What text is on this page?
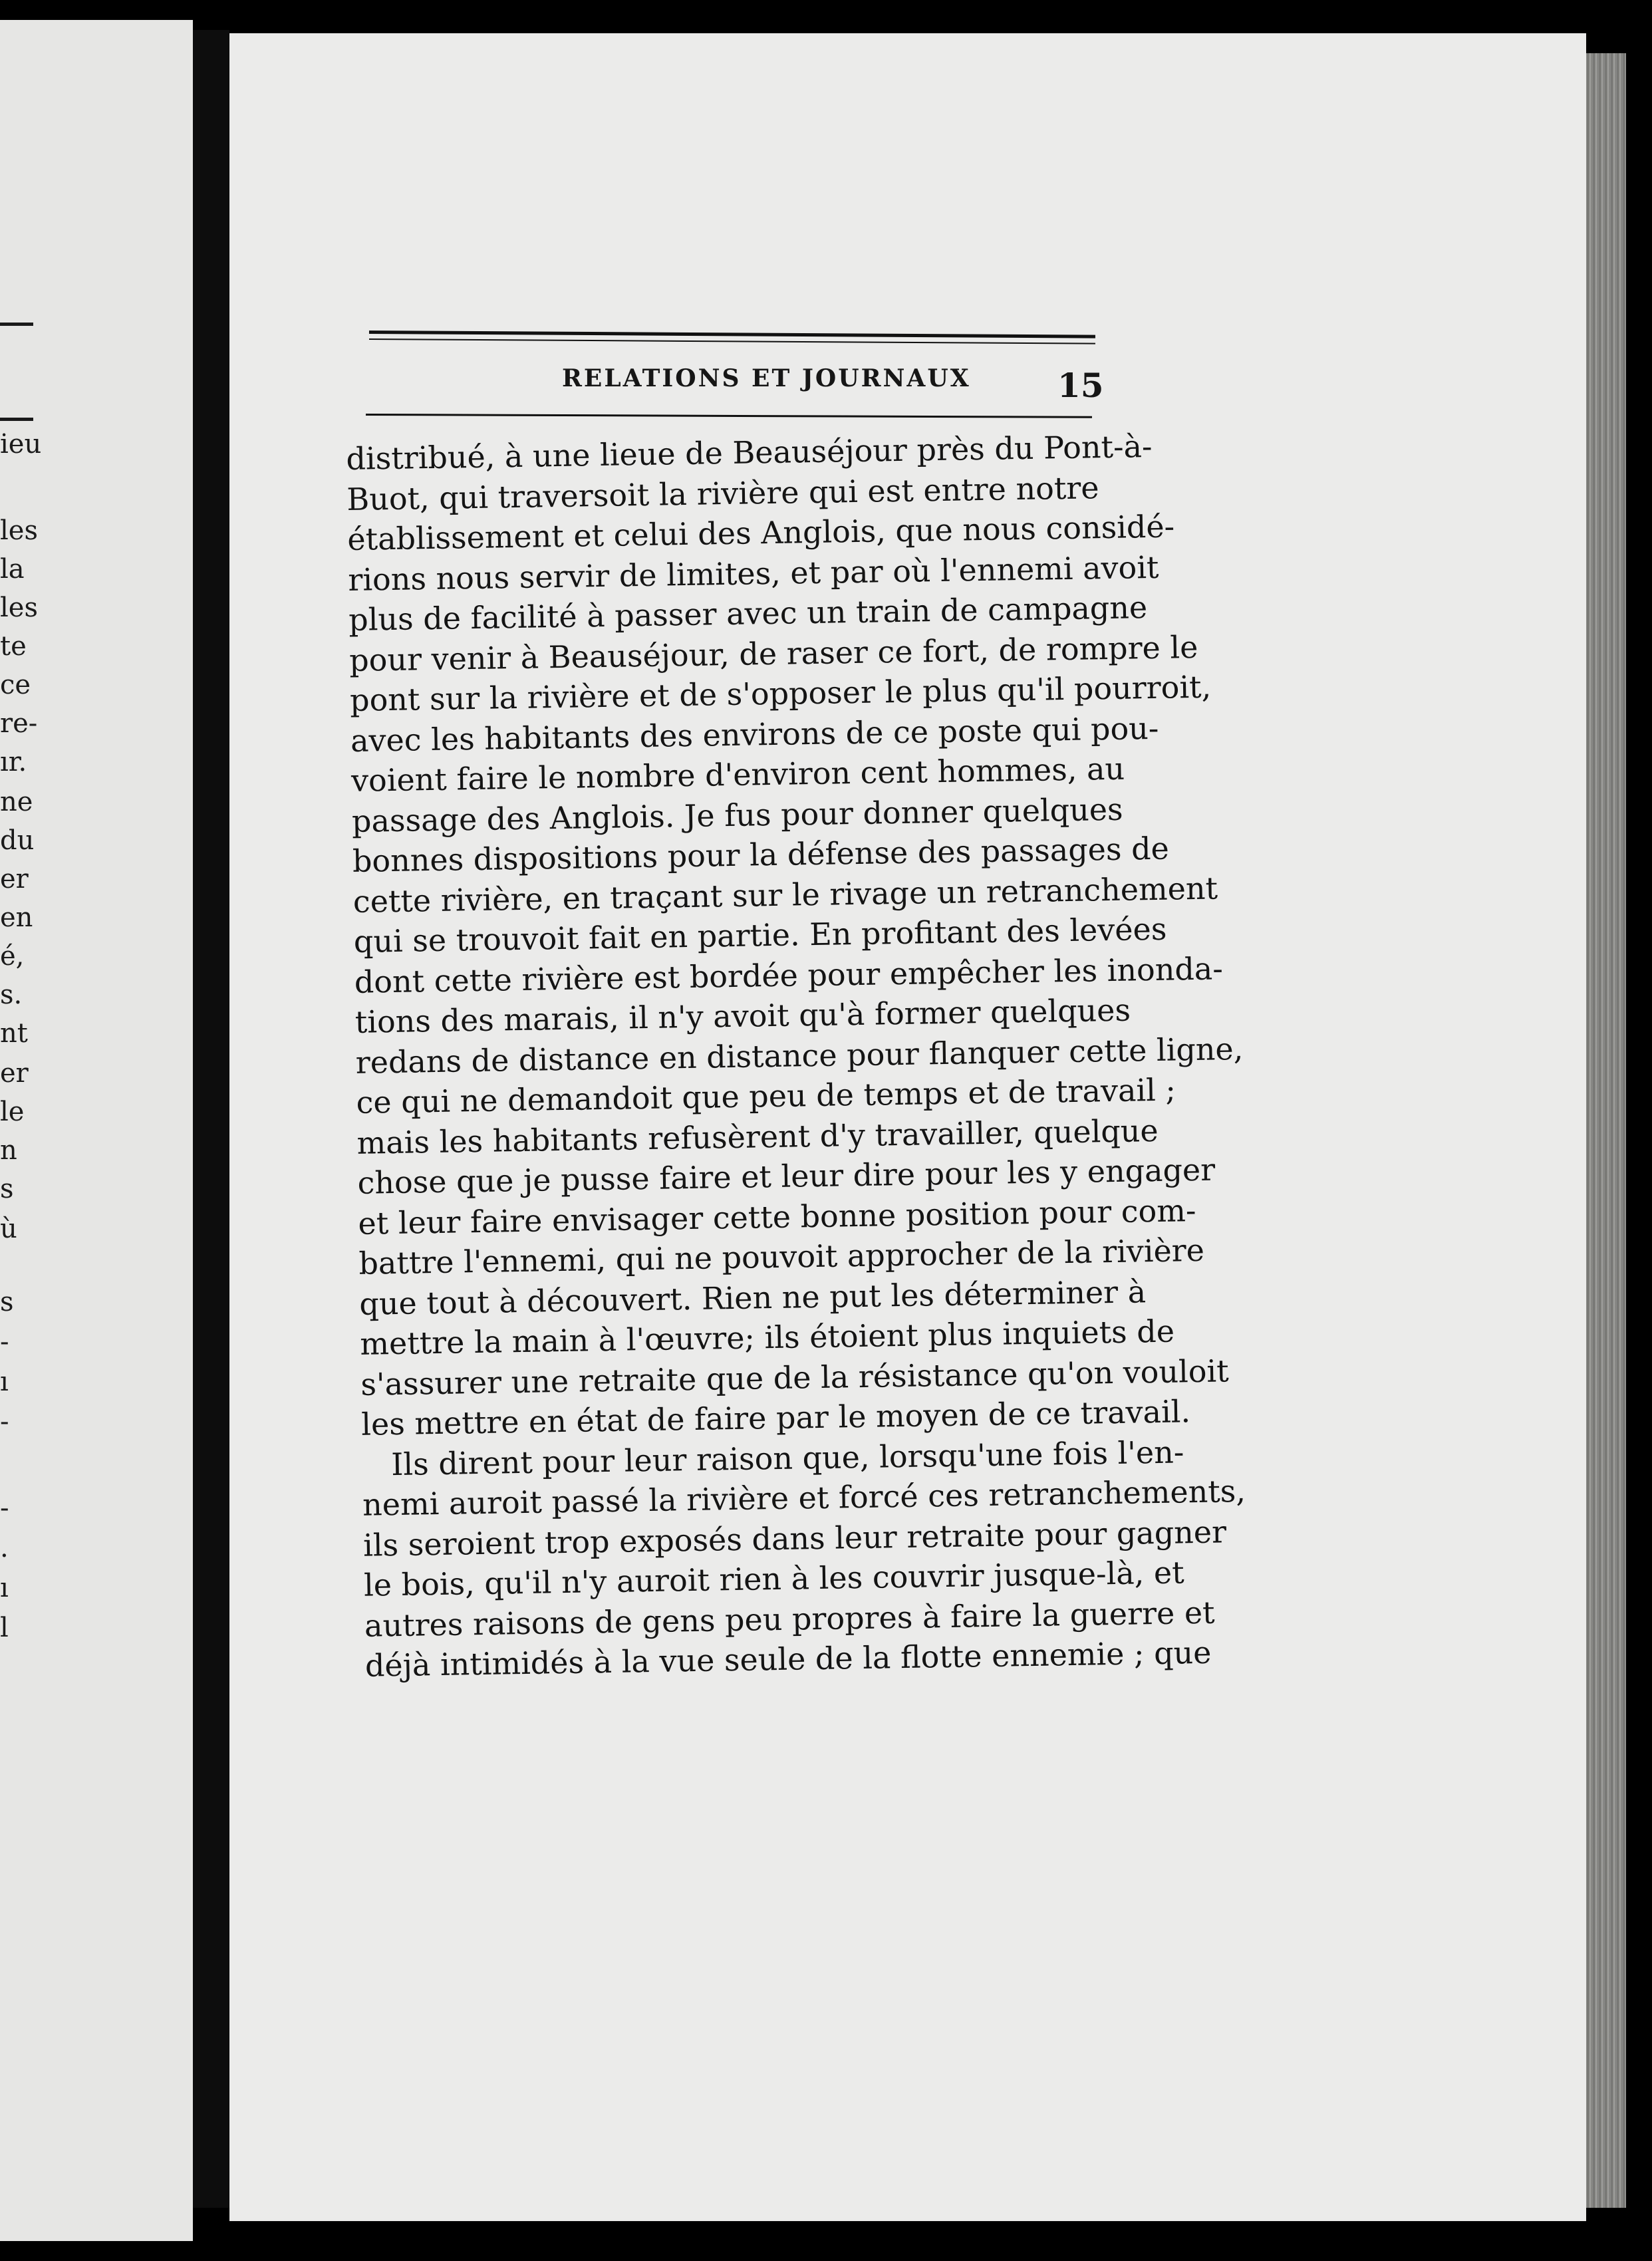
ieu
les
la
les
te
ce
re-
ır.
ne
du
er
en
é,
s.
nt
er
le
n
s
ù
s
-
ı
-
-
.
ı
l
RELATIONS ET JOURNAUX	15
distribué, à une lieue de Beauséjour près du Pont-à-
Buot, qui traversoit la rivière qui est entre notre
établissement et celui des Anglois, que nous considé-
rions nous servir de limites, et par où l'ennemi avoit
plus de facilité à passer avec un train de campagne
pour venir à Beauséjour, de raser ce fort, de rompre le
pont sur la rivière et de s'opposer le plus qu'il pourroit,
avec les habitants des environs de ce poste qui pou-
voient faire le nombre d'environ cent hommes, au
passage des Anglois. Je fus pour donner quelques
bonnes dispositions pour la défense des passages de
cette rivière, en traçant sur le rivage un retranchement
qui se trouvoit fait en partie. En profitant des levées
dont cette rivière est bordée pour empêcher les inonda-
tions des marais, il n'y avoit qu'à former quelques
redans de distance en distance pour flanquer cette ligne,
ce qui ne demandoit que peu de temps et de travail ;
mais les habitants refusèrent d'y travailler, quelque
chose que je pusse faire et leur dire pour les y engager
et leur faire envisager cette bonne position pour com-
battre l'ennemi, qui ne pouvoit approcher de la rivière
que tout à découvert. Rien ne put les déterminer à
mettre la main à l'œuvre; ils étoient plus inquiets de
s'assurer une retraite que de la résistance qu'on vouloit
les mettre en état de faire par le moyen de ce travail.
Ils dirent pour leur raison que, lorsqu'une fois l'en-
nemi auroit passé la rivière et forcé ces retranchements,
ils seroient trop exposés dans leur retraite pour gagner
le bois, qu'il n'y auroit rien à les couvrir jusque-là, et
autres raisons de gens peu propres à faire la guerre et
déjà intimidés à la vue seule de la flotte ennemie ; que
